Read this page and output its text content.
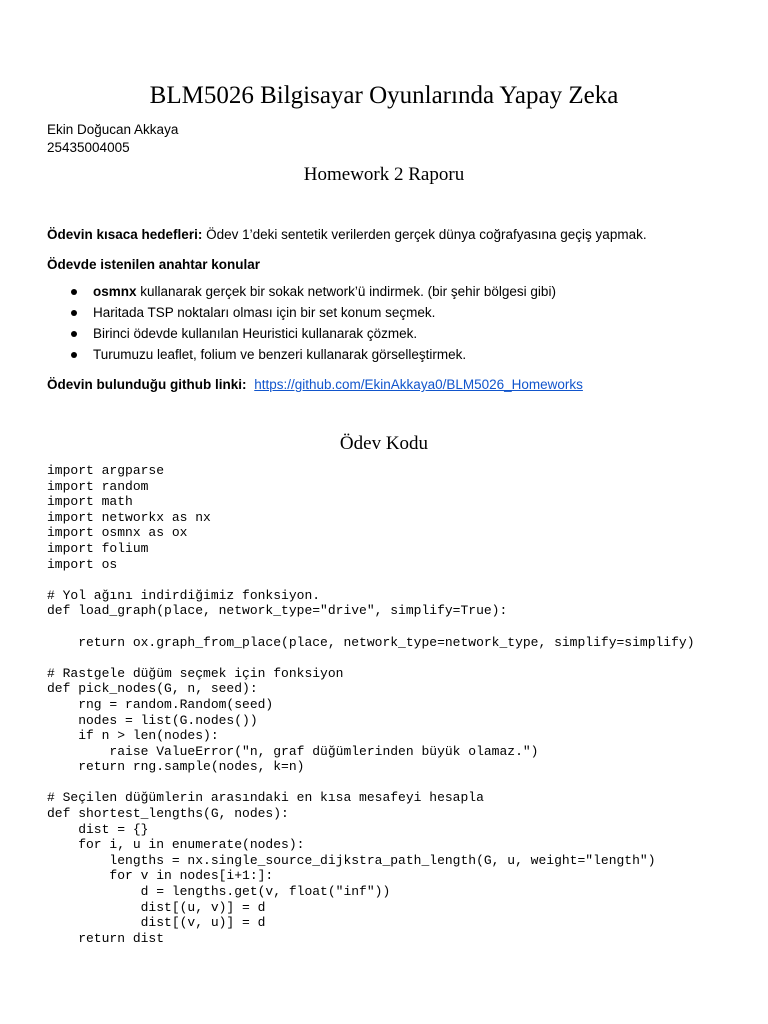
BLM5026 Bilgisayar Oyunlarında Yapay Zeka
Ekin Doğucan Akkaya
25435004005
Homework 2 Raporu
Ödevin kısaca hedefleri: Ödev 1’deki sentetik verilerden gerçek dünya coğrafyasına geçiş yapmak.
Ödevde istenilen anahtar konular
osmnx kullanarak gerçek bir sokak network’ü indirmek. (bir şehir bölgesi gibi)
Haritada TSP noktaları olması için bir set konum seçmek.
Birinci ödevde kullanılan Heuristici kullanarak çözmek.
Turumuzu leaflet, folium ve benzeri kullanarak görselleştirmek.
Ödevin bulunduğu github linki: https://github.com/EkinAkkaya0/BLM5026_Homeworks
Ödev Kodu
import argparse
import random
import math
import networkx as nx
import osmnx as ox
import folium
import os

# Yol ağını indirdiğimiz fonksiyon.
def load_graph(place, network_type="drive", simplify=True):

return ox.graph_from_place(place, network_type=network_type, simplify=simplify)

# Rastgele düğüm seçmek için fonksiyon
def pick_nodes(G, n, seed):
rng = random.Random(seed)
nodes = list(G.nodes())
if n > len(nodes):
raise ValueError("n, graf düğümlerinden büyük olamaz.")
return rng.sample(nodes, k=n)

# Seçilen düğümlerin arasındaki en kısa mesafeyi hesapla
def shortest_lengths(G, nodes):
dist = {}
for i, u in enumerate(nodes):
lengths = nx.single_source_dijkstra_path_length(G, u, weight="length")
for v in nodes[i+1:]:
d = lengths.get(v, float("inf"))
dist[(u, v)] = d
dist[(v, u)] = d
return dist
